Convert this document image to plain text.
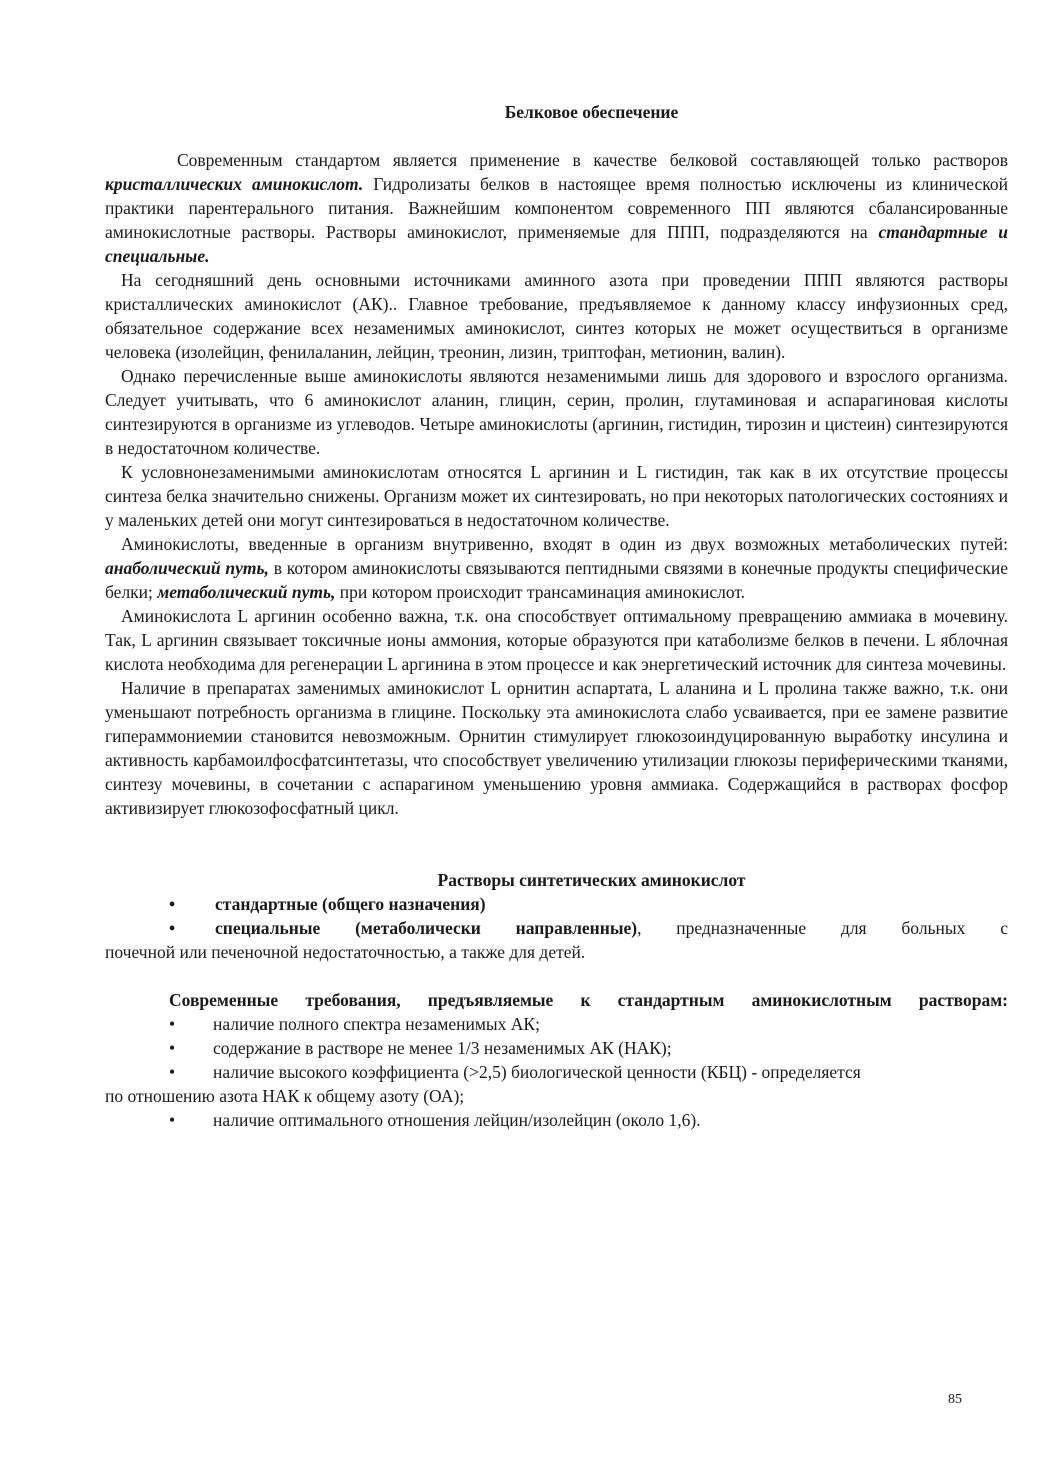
Белковое обеспечение

Современным стандартом является применение в качестве белковой составляющей только растворов кристаллических аминокислот. Гидролизаты белков в настоящее время полностью исключены из клинической практики парентерального питания. Важнейшим компонентом современного ПП являются сбалансированные аминокислотные растворы. Растворы аминокислот, применяемые для ППП, подразделяются на стандартные и специальные.

На сегодняшний день основными источниками аминного азота при проведении ППП являются растворы кристаллических аминокислот (АК).. Главное требование, предъявляемое к данному классу инфузионных сред, обязательное содержание всех незаменимых аминокислот, синтез которых не может осуществиться в организме человека (изолейцин, фенилаланин, лейцин, треонин, лизин, триптофан, метионин, валин).

Однако перечисленные выше аминокислоты являются незаменимыми лишь для здорового и взрослого организма. Следует учитывать, что 6 аминокислот аланин, глицин, серин, пролин, глутаминовая и аспарагиновая кислоты синтезируются в организме из углеводов. Четыре аминокислоты (аргинин, гистидин, тирозин и цистеин) синтезируются в недостаточном количестве.

К условнонезаменимыми аминокислотам относятся L аргинин и L гистидин, так как в их отсутствие процессы синтеза белка значительно снижены. Организм может их синтезировать, но при некоторых патологических состояниях и у маленьких детей они могут синтезироваться в недостаточном количестве.

Аминокислоты, введенные в организм внутривенно, входят в один из двух возможных метаболических путей: анаболический путь, в котором аминокислоты связываются пептидными связями в конечные продукты специфические белки; метаболический путь, при котором происходит трансаминация аминокислот.

Аминокислота L аргинин особенно важна, т.к. она способствует оптимальному превращению аммиака в мочевину. Так, L аргинин связывает токсичные ионы аммония, которые образуются при катаболизме белков в печени. L яблочная кислота необходима для регенерации L аргинина в этом процессе и как энергетический источник для синтеза мочевины.

Наличие в препаратах заменимых аминокислот L орнитин аспартата, L аланина и L пролина также важно, т.к. они уменьшают потребность организма в глицине. Поскольку эта аминокислота слабо усваивается, при ее замене развитие гипераммониемии становится невозможным. Орнитин стимулирует глюкозоиндуцированную выработку инсулина и активность карбамоилфосфатсинтетазы, что способствует увеличению утилизации глюкозы периферическими тканями, синтезу мочевины, в сочетании с аспарагином уменьшению уровня аммиака. Содержащийся в растворах фосфор активизирует глюкозофосфатный цикл.

Растворы синтетических аминокислот
•	стандартные (общего назначения)
•	специальные (метаболически направленные), предназначенные для больных с

почечной или печеночной недостаточностью, а также для детей.

Современные требования, предъявляемые к стандартным аминокислотным растворам:

•	наличие полного спектра незаменимых АК;
•	содержание в растворе не менее 1/3 незаменимых АК (НАК);
•	наличие высокого коэффициента (>2,5) биологической ценности (КБЦ) - определяется

по отношению азота НАК к общему азоту (ОА);

•	наличие оптимального отношения лейцин/изолейцин (около 1,6).
85
